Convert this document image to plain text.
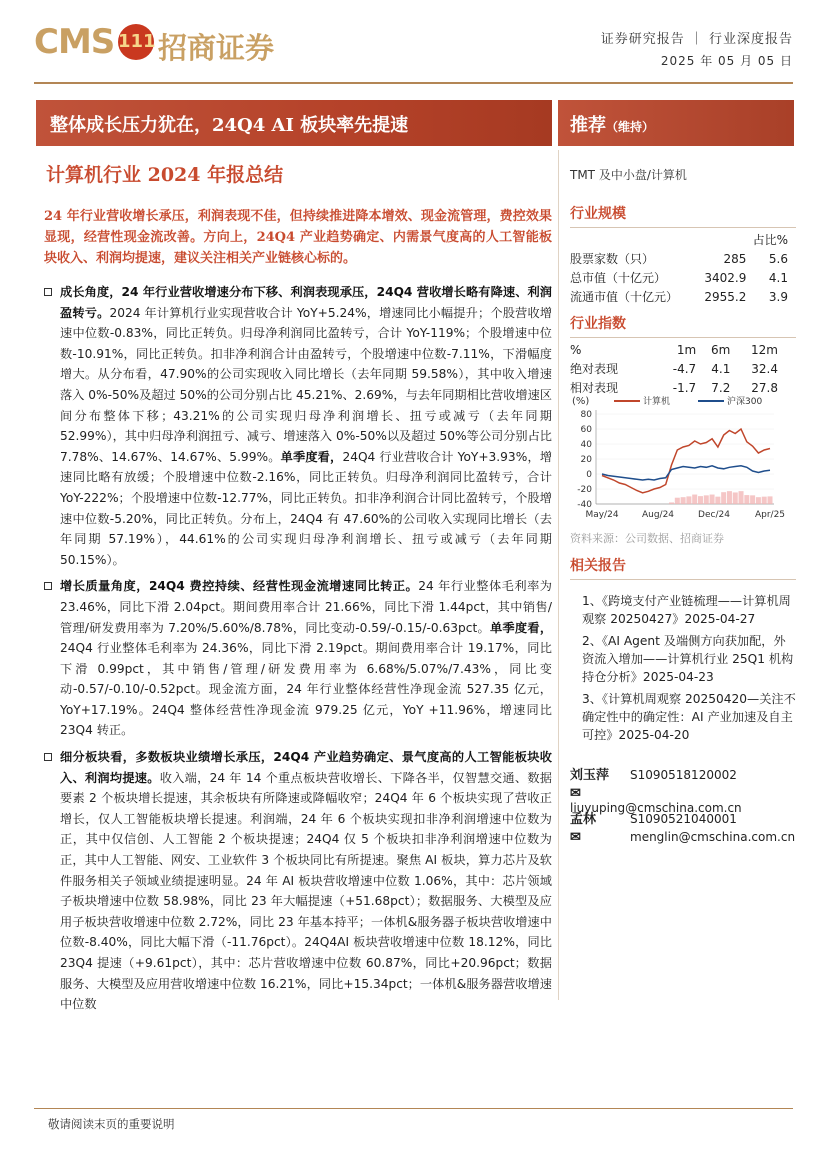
CMS 111 招商证券	证券研究报告 ｜ 行业深度报告
2025 年 05 月 05 日
整体成长压力犹在，24Q4 AI 板块率先提速	推荐（维持）
计算机行业 2024 年报总结
24 年行业营收增长承压，利润表现不佳，但持续推进降本增效、现金流管理，费控效果显现，经营性现金流改善。方向上，24Q4 产业趋势确定、内需景气度高的人工智能板块收入、利润均提速，建议关注相关产业链核心标的。
成长角度，24 年行业营收增速分布下移、利润表现承压，24Q4 营收增长略有降速、利润盈转亏。2024 年计算机行业实现营收合计 YoY+5.24%，增速同比小幅提升；个股营收增速中位数-0.83%，同比正转负。归母净利润同比盈转亏，合计 YoY-119%；个股增速中位数-10.91%，同比正转负。扣非净利润合计由盈转亏，个股增速中位数-7.11%，下滑幅度增大。从分布看，47.90%的公司实现收入同比增长（去年同期 59.58%），其中收入增速落入 0%-50%及超过 50%的公司分别占比 45.21%、2.69%，与去年同期相比营收增速区间分布整体下移；43.21%的公司实现归母净利润增长、扭亏或减亏（去年同期 52.99%），其中归母净利润扭亏、减亏、增速落入 0%-50%以及超过 50%等公司分别占比 7.78%、14.67%、14.67%、5.99%。单季度看，24Q4 行业营收合计 YoY+3.93%，增速同比略有放缓；个股增速中位数-2.16%，同比正转负。归母净利润同比盈转亏，合计 YoY-222%；个股增速中位数-12.77%，同比正转负。扣非净利润合计同比盈转亏，个股增速中位数-5.20%，同比正转负。分布上，24Q4 有 47.60%的公司收入实现同比增长（去年同期 57.19%），44.61%的公司实现归母净利润增长、扭亏或减亏（去年同期 50.15%）。
增长质量角度，24Q4 费控持续、经营性现金流增速同比转正。24 年行业整体毛利率为 23.46%，同比下滑 2.04pct。期间费用率合计 21.66%，同比下滑 1.44pct，其中销售/管理/研发费用率为 7.20%/5.60%/8.78%，同比变动-0.59/-0.15/-0.63pct。单季度看，24Q4 行业整体毛利率为 24.36%，同比下滑 2.19pct。期间费用率合计 19.17%，同比下滑 0.99pct，其中销售/管理/研发费用率为 6.68%/5.07%/7.43%，同比变动-0.57/-0.10/-0.52pct。现金流方面，24 年行业整体经营性净现金流 527.35 亿元，YoY+17.19%。24Q4 整体经营性净现金流 979.25 亿元，YoY +11.96%，增速同比 23Q4 转正。
细分板块看，多数板块业绩增长承压，24Q4 产业趋势确定、景气度高的人工智能板块收入、利润均提速。收入端，24 年 14 个重点板块营收增长、下降各半，仅智慧交通、数据要素 2 个板块增长提速，其余板块有所降速或降幅收窄；24Q4 年 6 个板块实现了营收正增长，仅人工智能板块增长提速。利润端，24 年 6 个板块实现扣非净利润增速中位数为正，其中仅信创、人工智能 2 个板块提速；24Q4 仅 5 个板块扣非净利润增速中位数为正，其中人工智能、网安、工业软件 3 个板块同比有所提速。聚焦 AI 板块，算力芯片及软件服务相关子领域业绩提速明显。24 年 AI 板块营收增速中位数 1.06%，其中：芯片领域子板块增速中位数 58.98%，同比 23 年大幅提速（+51.68pct）；数据服务、大模型及应用子板块营收增速中位数 2.72%，同比 23 年基本持平；一体机&服务器子板块营收增速中位数-8.40%，同比大幅下滑（-11.76pct）。24Q4AI 板块营收增速中位数 18.12%，同比 23Q4 提速（+9.61pct），其中：芯片营收增速中位数 60.87%，同比+20.96pct；数据服务、大模型及应用营收增速中位数 16.21%，同比+15.34pct；一体机&服务器营收增速中位数
TMT 及中小盘/计算机
行业规模
		占比%
股票家数（只）	285	5.6
总市值（十亿元）	3402.9	4.1
流通市值（十亿元）	2955.2	3.9
行业指数
%	1m	6m	12m
绝对表现	-4.7	4.1	32.4
相对表现	-1.7	7.2	27.8
(%)	计算机	沪深300
80
60
40
20
0
-20
-40
May/24	Aug/24	Dec/24	Apr/25
资料来源：公司数据、招商证券
相关报告
1、《跨境支付产业链梳理——计算机周观察 20250427》2025-04-27
2、《AI Agent 及端侧方向获加配，外资流入增加——计算机行业 25Q1 机构持仓分析》2025-04-23
3、《计算机周观察 20250420—关注不确定性中的确定性：AI 产业加速及自主可控》2025-04-20
刘玉萍 S1090518120002
✉liuyuping@cmschina.com.cn
孟林	S1090521040001
✉	menglin@cmschina.com.cn
敬请阅读末页的重要说明
